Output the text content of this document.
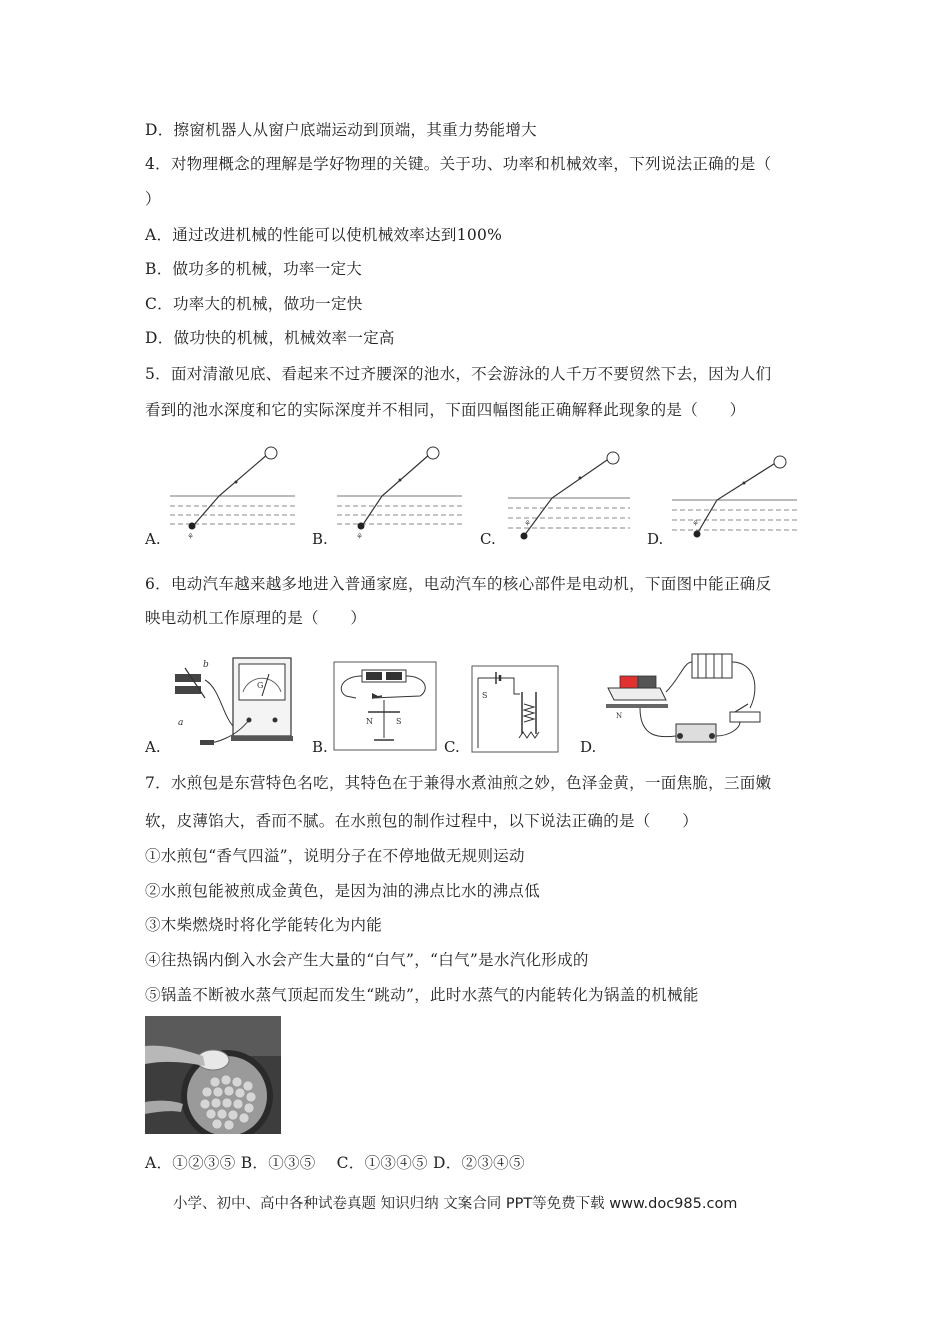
D．擦窗机器人从窗户底端运动到顶端，其重力势能增大
4．对物理概念的理解是学好物理的关键。关于功、功率和机械效率，下列说法正确的是（
）
A．通过改进机械的性能可以使机械效率达到100%
B．做功多的机械，功率一定大
C．功率大的机械，做功一定快
D．做功快的机械，机械效率一定高
5．面对清澈见底、看起来不过齐腰深的池水，不会游泳的人千万不要贸然下去，因为人们
看到的池水深度和它的实际深度并不相同，下面四幅图能正确解释此现象的是（　　）
⚘
A.	⚘
B.
⚘
C.
⚘
D.
6．电动汽车越来越多地进入普通家庭，电动汽车的核心部件是电动机，下面图中能正确反
映电动机工作原理的是（　　）
b
a
G
A.
N	S
B.
S
C.
N
D.
7．水煎包是东营特色名吃，其特色在于兼得水煮油煎之妙，色泽金黄，一面焦脆，三面嫩
软，皮薄馅大，香而不腻。在水煎包的制作过程中，以下说法正确的是（　　）
①水煎包“香气四溢”，说明分子在不停地做无规则运动
②水煎包能被煎成金黄色，是因为油的沸点比水的沸点低
③木柴燃烧时将化学能转化为内能
④往热锅内倒入水会产生大量的“白气”，“白气”是水汽化形成的
⑤锅盖不断被水蒸气顶起而发生“跳动”，此时水蒸气的内能转化为锅盖的机械能
A．①②③⑤ B．①③⑤　 C．①③④⑤ D．②③④⑤
小学、初中、高中各种试卷真题 知识归纳 文案合同 PPT等免费下载 www.doc985.com
